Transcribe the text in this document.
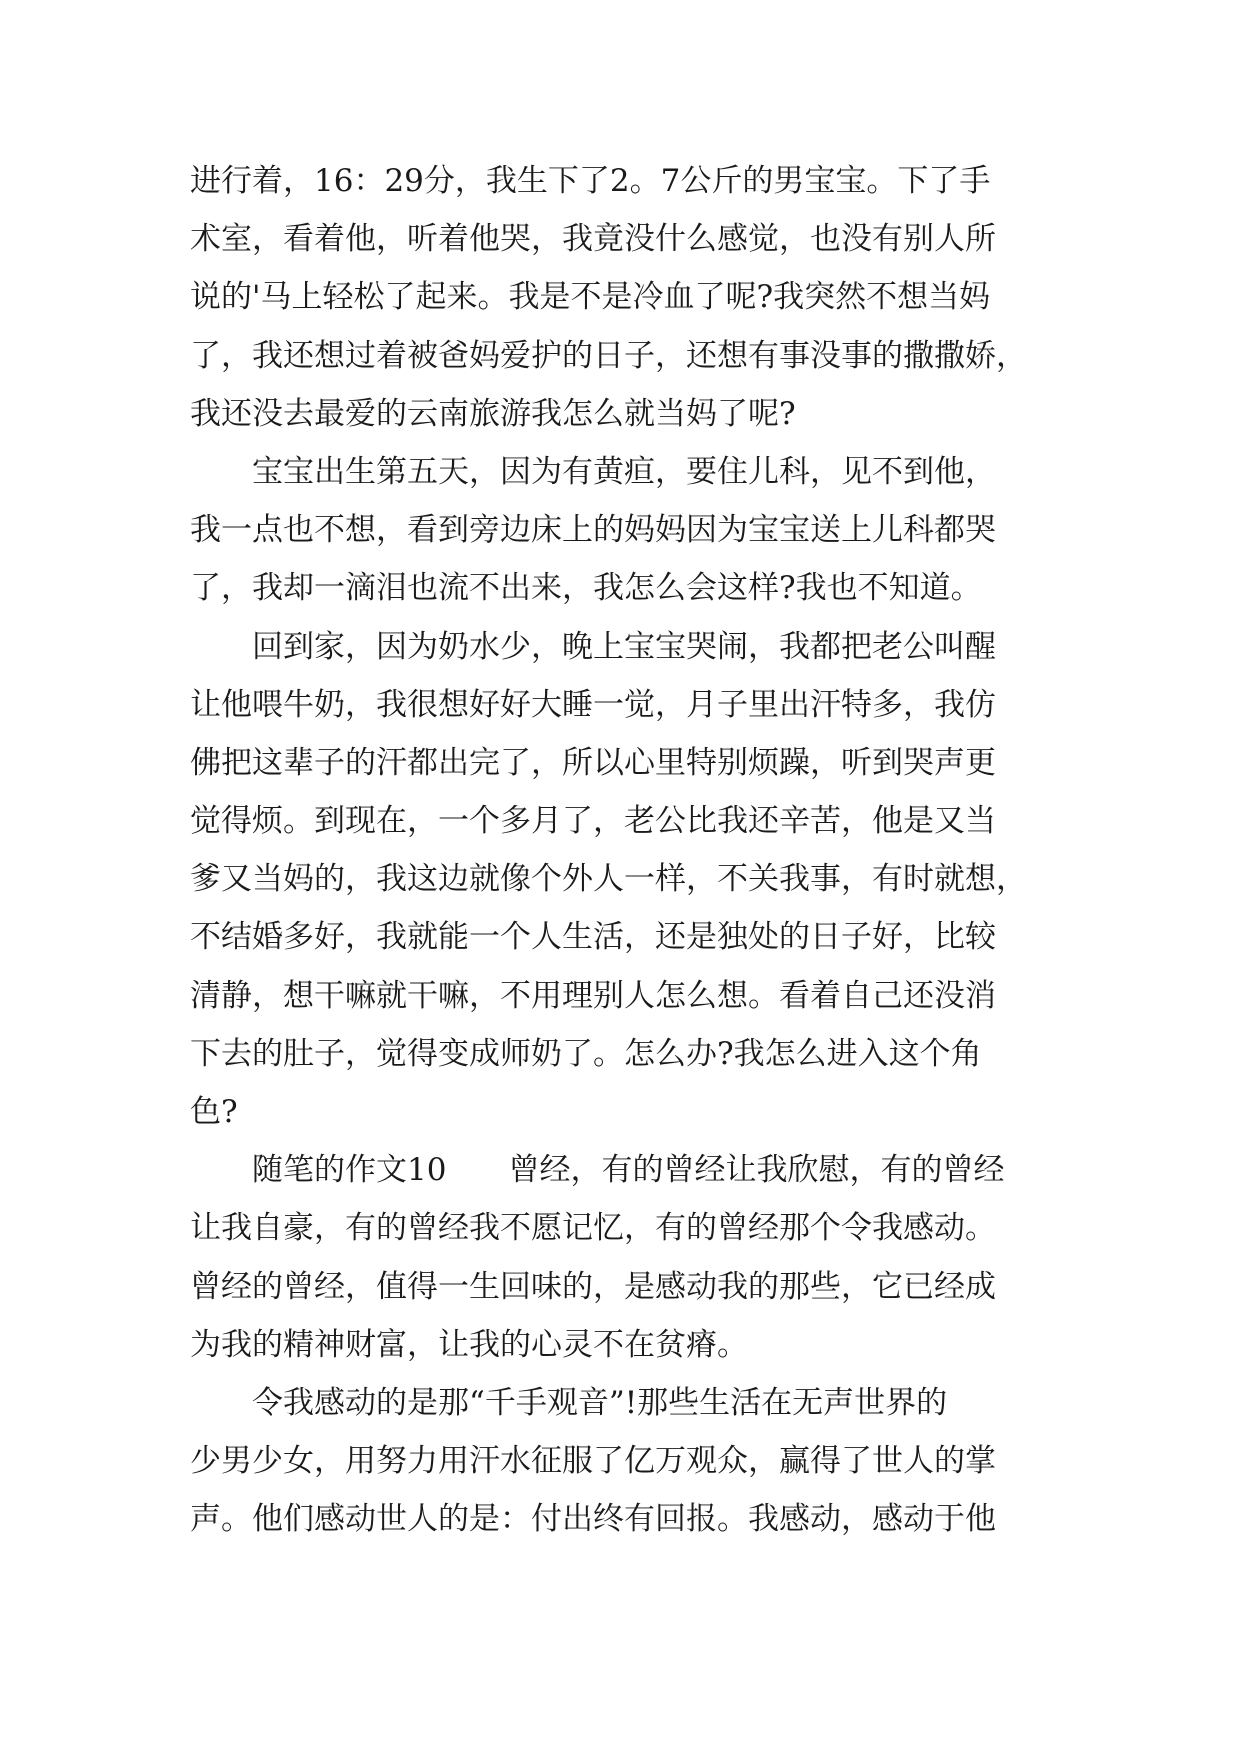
进行着，16：29分，我生下了2。7公斤的男宝宝。下了手
术室，看着他，听着他哭，我竟没什么感觉，也没有别人所
说的'马上轻松了起来。我是不是冷血了呢?我突然不想当妈
了，我还想过着被爸妈爱护的日子，还想有事没事的撒撒娇，
我还没去最爱的云南旅游我怎么就当妈了呢?
　　宝宝出生第五天，因为有黄疸，要住儿科，见不到他，
我一点也不想，看到旁边床上的妈妈因为宝宝送上儿科都哭
了，我却一滴泪也流不出来，我怎么会这样?我也不知道。
　　回到家，因为奶水少，晚上宝宝哭闹，我都把老公叫醒
让他喂牛奶，我很想好好大睡一觉，月子里出汗特多，我仿
佛把这辈子的汗都出完了，所以心里特别烦躁，听到哭声更
觉得烦。到现在，一个多月了，老公比我还辛苦，他是又当
爹又当妈的，我这边就像个外人一样，不关我事，有时就想，
不结婚多好，我就能一个人生活，还是独处的日子好，比较
清静，想干嘛就干嘛，不用理别人怎么想。看着自己还没消
下去的肚子，觉得变成师奶了。怎么办?我怎么进入这个角
色?
　　随笔的作文10　　曾经，有的曾经让我欣慰，有的曾经
让我自豪，有的曾经我不愿记忆，有的曾经那个令我感动。
曾经的曾经，值得一生回味的，是感动我的那些，它已经成
为我的精神财富，让我的心灵不在贫瘠。
　　令我感动的是那“千手观音”!那些生活在无声世界的
少男少女，用努力用汗水征服了亿万观众，赢得了世人的掌
声。他们感动世人的是：付出终有回报。我感动，感动于他
